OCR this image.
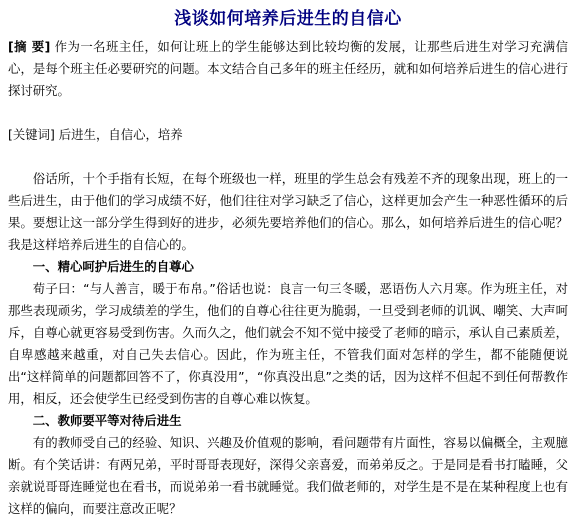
浅谈如何培养后进生的自信心

[摘 要] 作为一名班主任，如何让班上的学生能够达到比较均衡的发展，让那些后进生对学习充满信心，是每个班主任必要研究的问题。本文结合自己多年的班主任经历，就和如何培养后进生的信心进行探讨研究。

[关键词] 后进生，自信心，培养

俗话所，十个手指有长短，在每个班级也一样，班里的学生总会有残差不齐的现象出现，班上的一些后进生，由于他们的学习成绩不好，他们往往对学习缺乏了信心，这样更加会产生一种恶性循环的后果。要想让这一部分学生得到好的进步，必须先要培养他们的信心。那么，如何培养后进生的信心呢？我是这样培养后进生的自信心的。

一、精心呵护后进生的自尊心

荀子曰：“与人善言，暖于布帛。”俗话也说：良言一句三冬暖，恶语伤人六月寒。作为班主任，对那些表现顽劣，学习成绩差的学生，他们的自尊心往往更为脆弱，一旦受到老师的讥讽、嘲笑、大声呵斥，自尊心就更容易受到伤害。久而久之，他们就会不知不觉中接受了老师的暗示，承认自己素质差，自卑感越来越重，对自己失去信心。因此，作为班主任，不管我们面对怎样的学生，都不能随便说出“这样简单的问题都回答不了，你真没用”，“你真没出息”之类的话，因为这样不但起不到任何帮教作用，相反，还会使学生已经受到伤害的自尊心难以恢复。

二、教师要平等对待后进生

有的教师受自己的经验、知识、兴趣及价值观的影响，看问题带有片面性，容易以偏概全，主观臆断。有个笑话讲：有两兄弟，平时哥哥表现好，深得父亲喜爱，而弟弟反之。于是同是看书打瞌睡，父亲就说哥哥连睡觉也在看书，而说弟弟一看书就睡觉。我们做老师的，对学生是不是在某种程度上也有这样的偏向，而要注意改正呢？
